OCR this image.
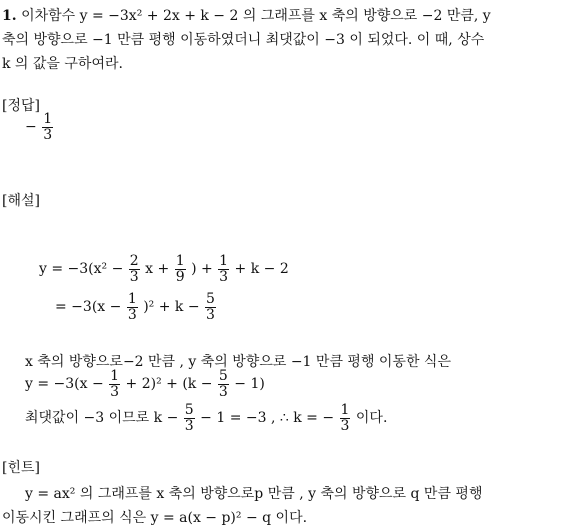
1. 이차함수 y = −3x² + 2x + k − 2 의 그래프를 x 축의 방향으로 −2 만큼, y
축의 방향으로 −1 만큼 평행 이동하였더니 최댓값이 −3 이 되었다. 이 때, 상수
k 의 값을 구하여라.
[정답]
− $\frac{1}{3}$
[해설]
$y = -3(x^2 - \frac{2}{3}$ $x + \frac{1}{9}$ ) + $\frac{1}{3} + k - 2$
= $-3(x - \frac{1}{3} )^2 + k - \frac{5}{3}$
x 축의 방향으로−2 만큼 , y 축의 방향으로 −1 만큼 평행 이동한 식은
$y = -3(x - \frac{1}{3} + 2)^2 + (k - \frac{5}{3} - 1)$
최댓값이 −3 이므로 $k - \frac{5}{3} - 1 = -3$ , ∴ k = − $\frac{1}{3}$ 이다.
[힌트]
y = ax² 의 그래프를 x 축의 방향으로p 만큼 , y 축의 방향으로 q 만큼 평행
이동시킨 그래프의 식은 y = a(x − p)² − q 이다.
